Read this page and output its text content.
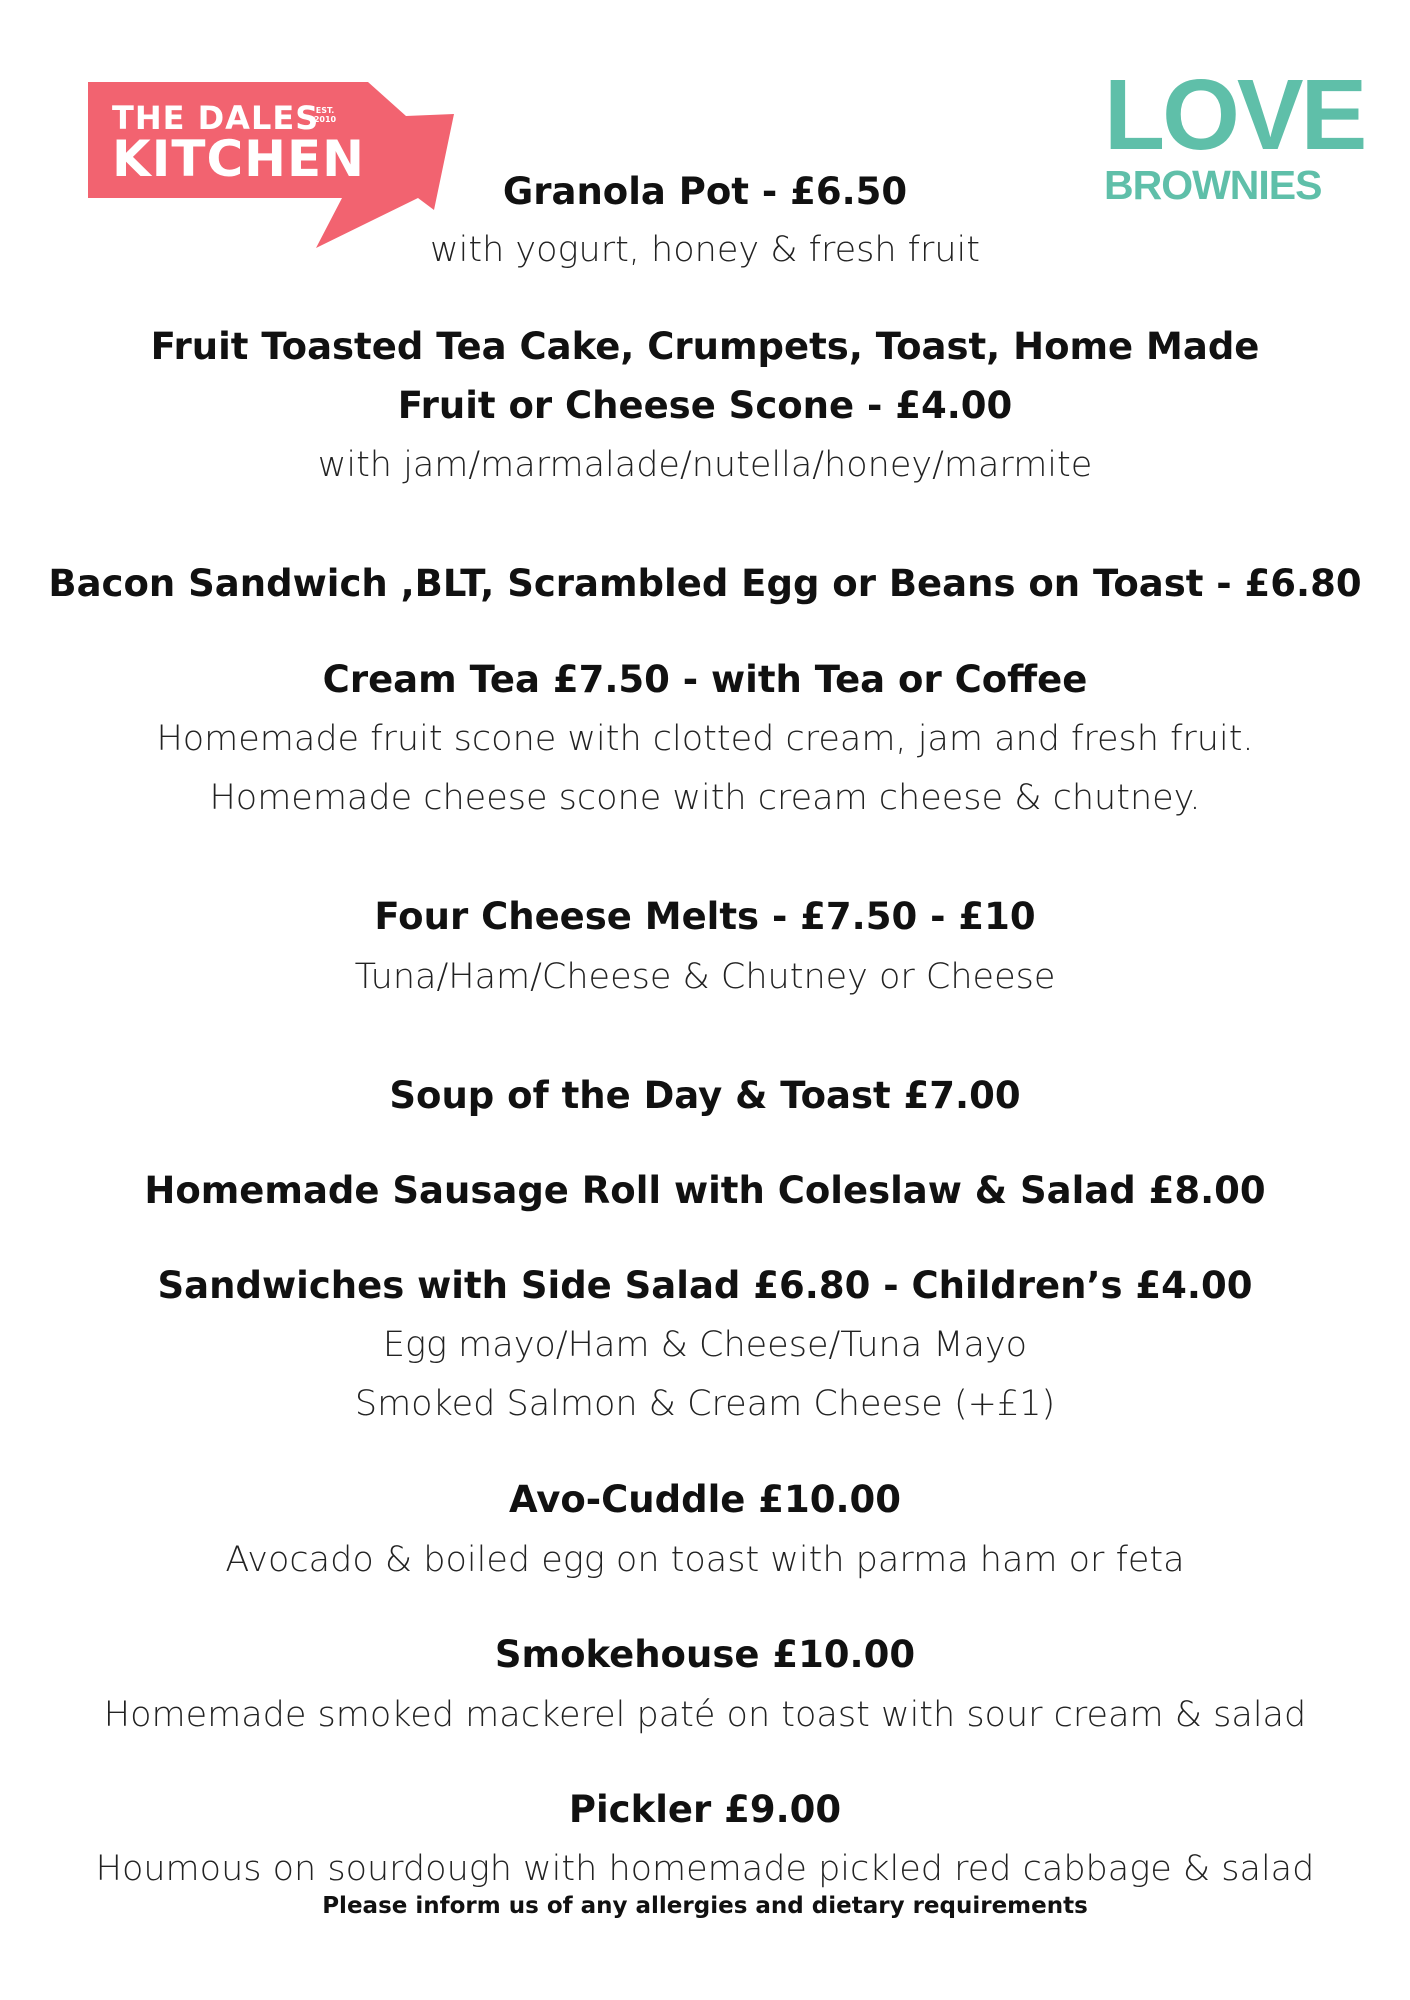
THE DALES
EST.
2010
KITCHEN	LOVE
BROWNIES
Granola Pot - £6.50
with yogurt, honey & fresh fruit
Fruit Toasted Tea Cake, Crumpets, Toast, Home Made
Fruit or Cheese Scone - £4.00
with jam/marmalade/nutella/honey/marmite
Bacon Sandwich ,BLT, Scrambled Egg or Beans on Toast - £6.80
Cream Tea £7.50 - with Tea or Coffee
Homemade fruit scone with clotted cream, jam and fresh fruit.
Homemade cheese scone with cream cheese & chutney.
Four Cheese Melts - £7.50 - £10
Tuna/Ham/Cheese & Chutney or Cheese
Soup of the Day & Toast £7.00
Homemade Sausage Roll with Coleslaw & Salad £8.00
Sandwiches with Side Salad £6.80 - Children’s £4.00
Egg mayo/Ham & Cheese/Tuna Mayo
Smoked Salmon & Cream Cheese (+£1)
Avo-Cuddle £10.00
Avocado & boiled egg on toast with parma ham or feta
Smokehouse £10.00
Homemade smoked mackerel paté on toast with sour cream & salad
Pickler £9.00
Houmous on sourdough with homemade pickled red cabbage & salad
Please inform us of any allergies and dietary requirements
